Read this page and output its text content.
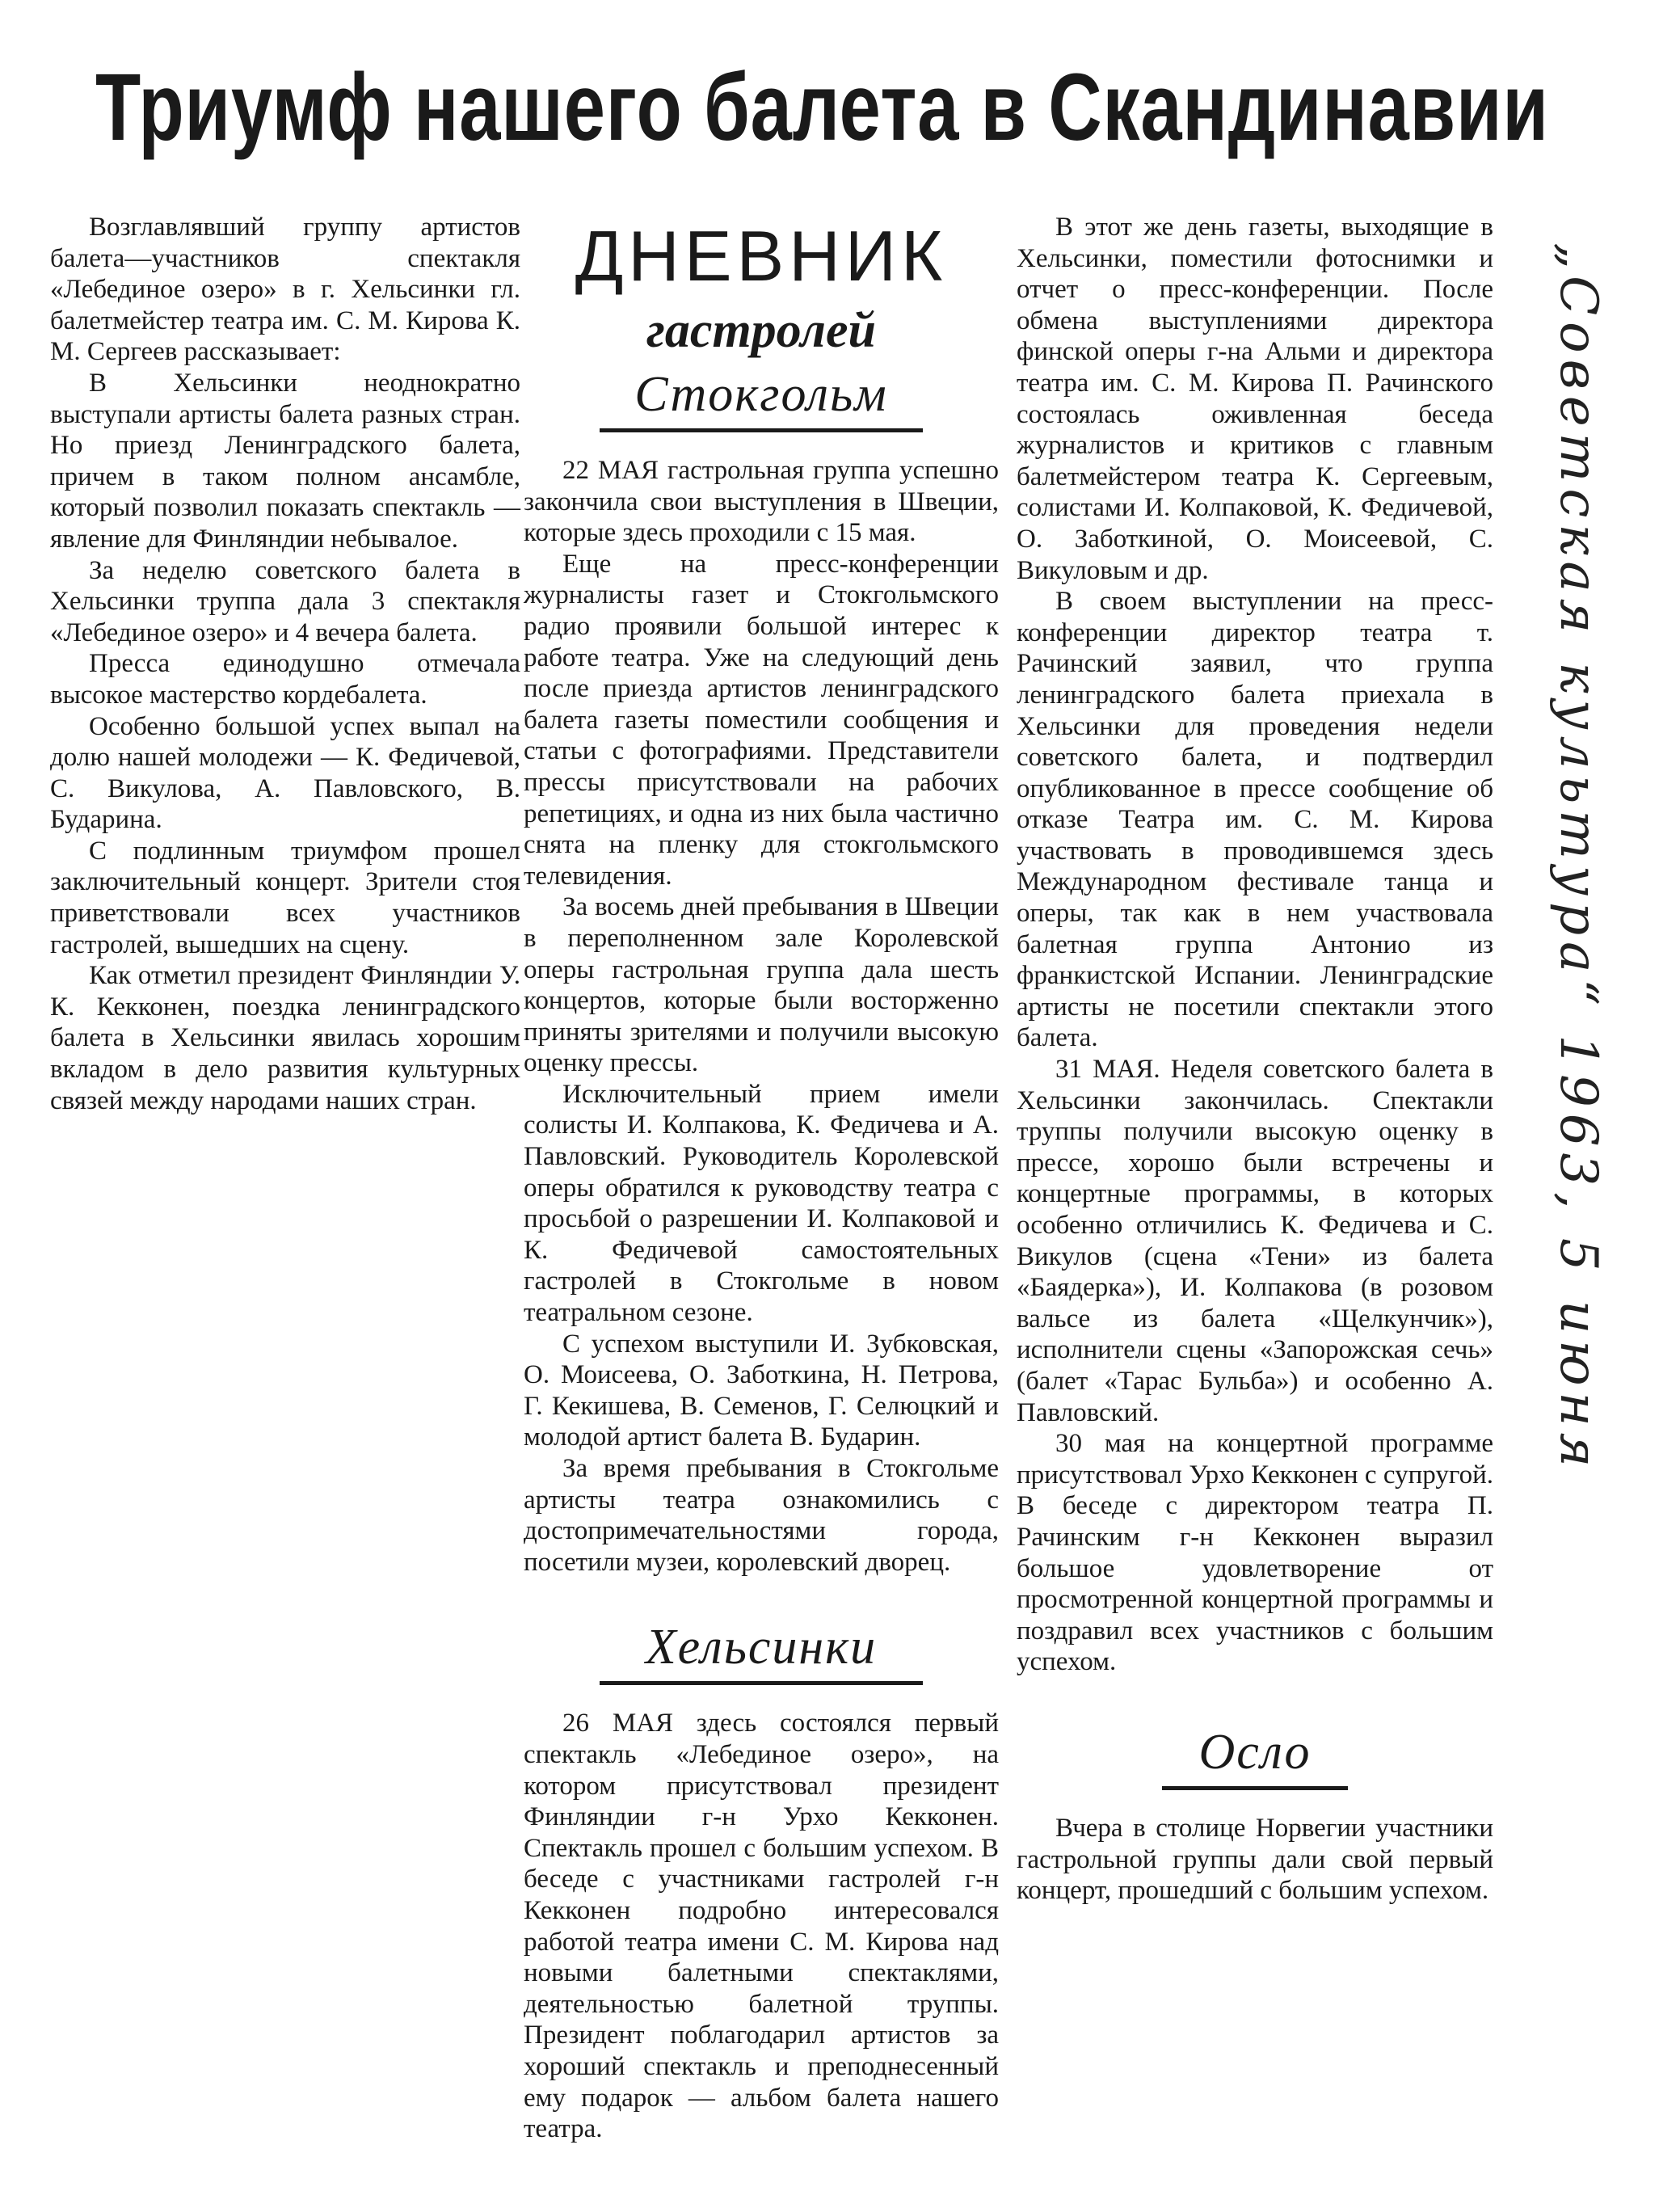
Триумф нашего балета в Скандинавии

Возглавлявший группу артистов балета—участников спектакля «Лебединое озеро» в г. Хельсинки гл. балетмейстер театра им. С. М. Кирова К. М. Сергеев рассказывает:

В Хельсинки неоднократно выступали артисты балета разных стран. Но приезд Ленинградского балета, причем в таком полном ансамбле, который позволил показать спектакль — явление для Финляндии небывалое.

За неделю советского балета в Хельсинки труппа дала 3 спектакля «Лебединое озеро» и 4 вечера балета.

Пресса единодушно отмечала высокое мастерство кордебалета.

Особенно большой успех выпал на долю нашей молодежи — К. Федичевой, С. Викулова, А. Павловского, В. Бударина.

С подлинным триумфом прошел заключительный концерт. Зрители стоя приветствовали всех участников гастролей, вышедших на сцену.

Как отметил президент Финляндии У. К. Кекконен, поездка ленинградского балета в Хельсинки явилась хорошим вкладом в дело развития культурных связей между народами наших стран.

ДНЕВНИК
гастролей
Стокгольм

22 МАЯ гастрольная группа успешно закончила свои выступления в Швеции, которые здесь проходили с 15 мая.

Еще на пресс-конференции журналисты газет и Стокгольмского радио проявили большой интерес к работе театра. Уже на следующий день после приезда артистов ленинградского балета газеты поместили сообщения и статьи с фотографиями. Представители прессы присутствовали на рабочих репетициях, и одна из них была частично снята на пленку для стокгольмского телевидения.

За восемь дней пребывания в Швеции в переполненном зале Королевской оперы гастрольная группа дала шесть концертов, которые были восторженно приняты зрителями и получили высокую оценку прессы.

Исключительный прием имели солисты И. Колпакова, К. Федичева и А. Павловский. Руководитель Королевской оперы обратился к руководству театра с просьбой о разрешении И. Колпаковой и К. Федичевой самостоятельных гастролей в Стокгольме в новом театральном сезоне.

С успехом выступили И. Зубковская, О. Моисеева, О. Заботкина, Н. Петрова, Г. Кекишева, В. Семенов, Г. Селюцкий и молодой артист балета В. Бударин.

За время пребывания в Стокгольме артисты театра ознакомились с достопримечательностями города, посетили музеи, королевский дворец.

Хельсинки

26 МАЯ здесь состоялся первый спектакль «Лебединое озеро», на котором присутствовал президент Финляндии г-н Урхо Кекконен. Спектакль прошел с большим успехом. В беседе с участниками гастролей г-н Кекконен подробно интересовался работой театра имени С. М. Кирова над новыми балетными спектаклями, деятельностью балетной труппы. Президент поблагодарил артистов за хороший спектакль и преподнесенный ему подарок — альбом балета нашего театра.

В этот же день газеты, выходящие в Хельсинки, поместили фотоснимки и отчет о пресс-конференции. После обмена выступлениями директора финской оперы г-на Альми и директора театра им. С. М. Кирова П. Рачинского состоялась оживленная беседа журналистов и критиков с главным балетмейстером театра К. Сергеевым, солистами И. Колпаковой, К. Федичевой, О. Заботкиной, О. Моисеевой, С. Викуловым и др.

В своем выступлении на пресс-конференции директор театра т. Рачинский заявил, что группа ленинградского балета приехала в Хельсинки для проведения недели советского балета, и подтвердил опубликованное в прессе сообщение об отказе Театра им. С. М. Кирова участвовать в проводившемся здесь Международном фестивале танца и оперы, так как в нем участвовала балетная группа Антонио из франкистской Испании. Ленинградские артисты не посетили спектакли этого балета.

31 МАЯ. Неделя советского балета в Хельсинки закончилась. Спектакли труппы получили высокую оценку в прессе, хорошо были встречены и концертные программы, в которых особенно отличились К. Федичева и С. Викулов (сцена «Тени» из балета «Баядерка»), И. Колпакова (в розовом вальсе из балета «Щелкунчик»), исполнители сцены «Запорожская сечь» (балет «Тарас Бульба») и особенно А. Павловский.

30 мая на концертной программе присутствовал Урхо Кекконен с супругой. В беседе с директором театра П. Рачинским г-н Кекконен выразил большое удовлетворение от просмотренной концертной программы и поздравил всех участников с большим успехом.

Осло

Вчера в столице Норвегии участники гастрольной группы дали свой первый концерт, прошедший с большим успехом.

„Советская культура“ 1963, 5 июня
